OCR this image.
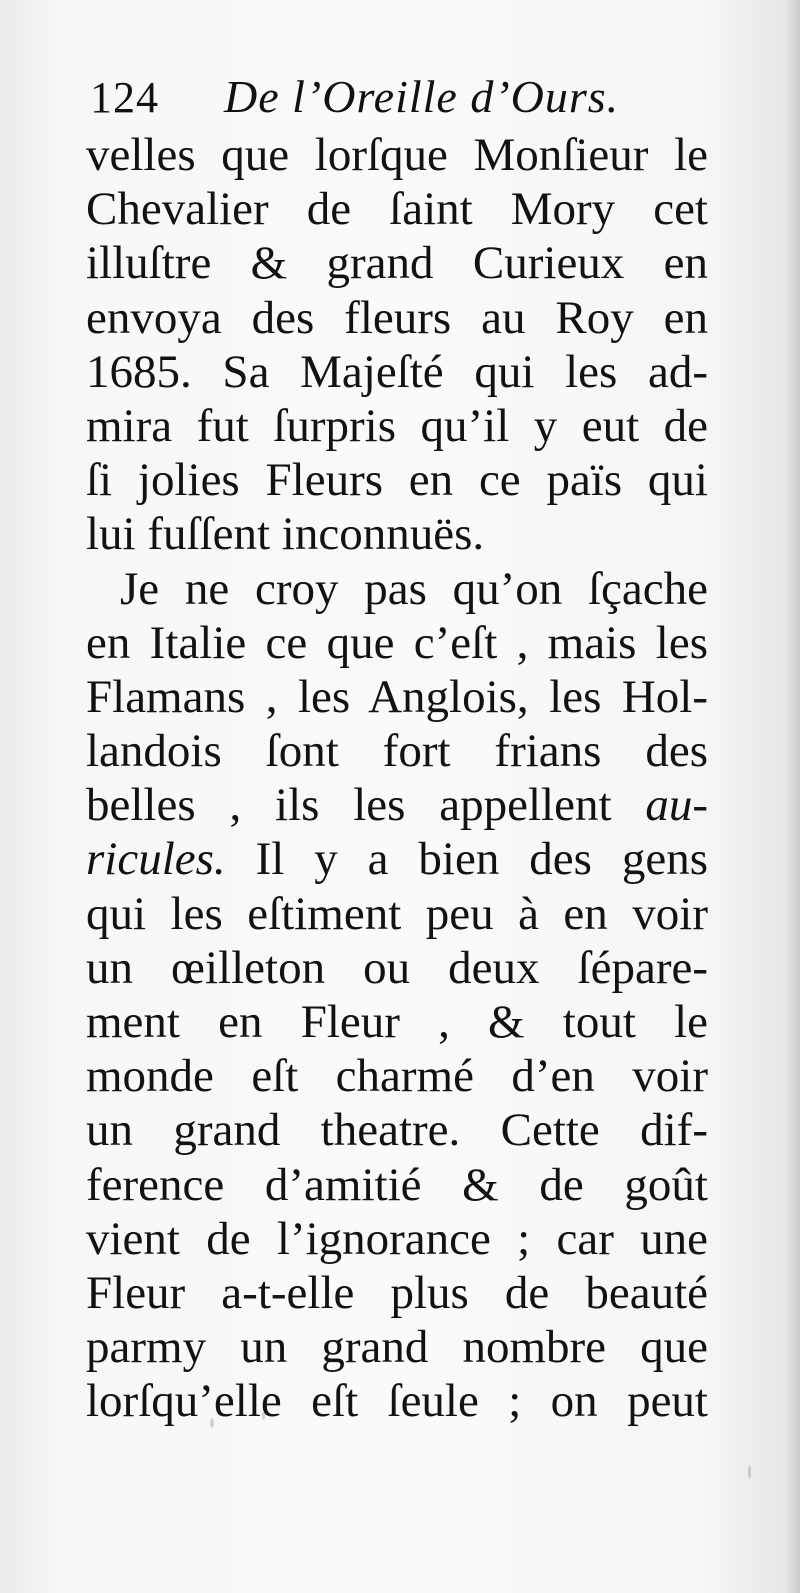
124 De l’Oreille d’Ours.
velles que lorſque Monſieur le
Chevalier de ſaint Mory cet
illuſtre & grand Curieux en
envoya des fleurs au Roy en
1685. Sa Majeſté qui les ad-
mira fut ſurpris qu’il y eut de
ſi jolies Fleurs en ce païs qui
lui fuſſent inconnuës.
Je ne croy pas qu’on ſçache
en Italie ce que c’eſt , mais les
Flamans , les Anglois, les Hol-
landois ſont fort frians des
belles , ils les appellent au-
ricules. Il y a bien des gens
qui les eſtiment peu à en voir
un œilleton ou deux ſépare-
ment en Fleur , & tout le
monde eſt charmé d’en voir
un grand theatre. Cette dif-
ference d’amitié & de goût
vient de l’ignorance ; car une
Fleur a-t-elle plus de beauté
parmy un grand nombre que
lorſqu’elle eſt ſeule ; on peut
